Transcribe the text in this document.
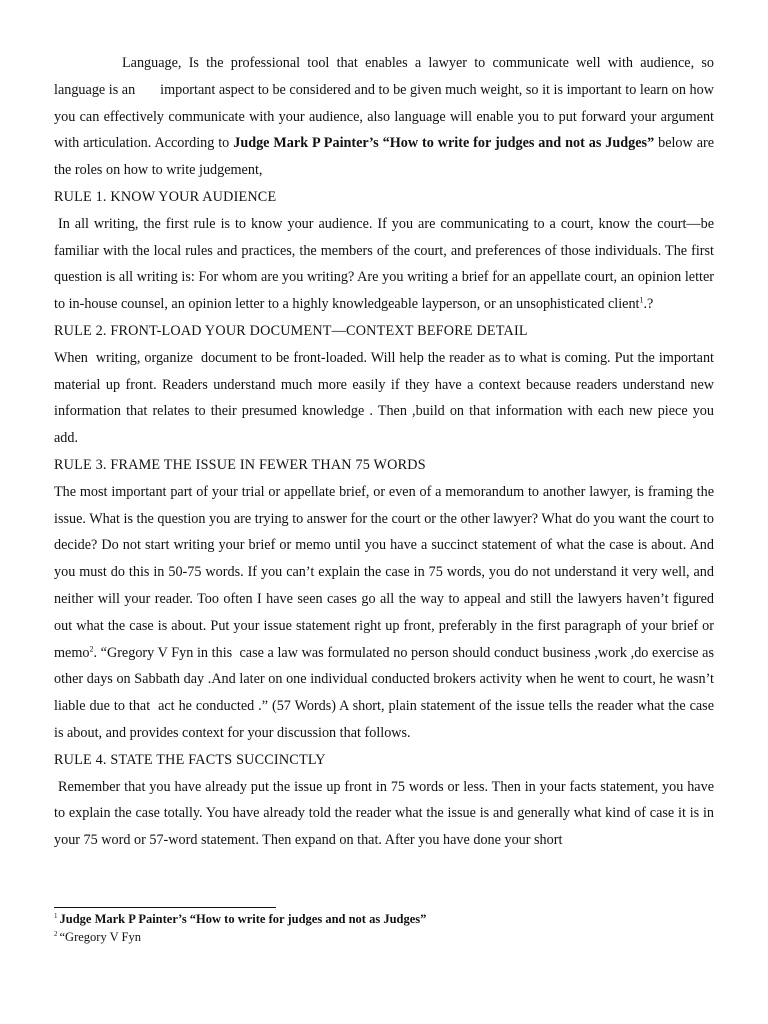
Language, Is the professional tool that enables a lawyer to communicate well with audience, so language is an       important aspect to be considered and to be given much weight, so it is important to learn on how you can effectively communicate with your audience, also language will enable you to put forward your argument with articulation. According to Judge Mark P Painter’s “How to write for judges and not as Judges” below are the roles on how to write judgement,

RULE 1. KNOW YOUR AUDIENCE

In all writing, the first rule is to know your audience. If you are communicating to a court, know the court—be familiar with the local rules and practices, the members of the court, and preferences of those individuals. The first question is all writing is: For whom are you writing? Are you writing a brief for an appellate court, an opinion letter to in-house counsel, an opinion letter to a highly knowledgeable layperson, or an unsophisticated client$^1$.?

RULE 2. FRONT-LOAD YOUR DOCUMENT—CONTEXT BEFORE DETAIL

When  writing, organize  document to be front-loaded. Will help the reader as to what is coming. Put the important material up front. Readers understand much more easily if they have a context because readers understand new information that relates to their presumed knowledge . Then ,build on that information with each new piece you add.

RULE 3. FRAME THE ISSUE IN FEWER THAN 75 WORDS

The most important part of your trial or appellate brief, or even of a memorandum to another lawyer, is framing the issue. What is the question you are trying to answer for the court or the other lawyer? What do you want the court to decide? Do not start writing your brief or memo until you have a succinct statement of what the case is about. And you must do this in 50-75 words. If you can’t explain the case in 75 words, you do not understand it very well, and neither will your reader. Too often I have seen cases go all the way to appeal and still the lawyers haven’t figured out what the case is about. Put your issue statement right up front, preferably in the first paragraph of your brief or memo$^2$. “Gregory V Fyn in this  case a law was formulated no person should conduct business ,work ,do exercise as other days on Sabbath day .And later on one individual conducted brokers activity when he went to court, he wasn’t liable due to that  act he conducted .” (57 Words) A short, plain statement of the issue tells the reader what the case is about, and provides context for your discussion that follows.

RULE 4. STATE THE FACTS SUCCINCTLY

Remember that you have already put the issue up front in 75 words or less. Then in your facts statement, you have to explain the case totally. You have already told the reader what the issue is and generally what kind of case it is in your 75 word or 57-word statement. Then expand on that. After you have done your short

$^1$ Judge Mark P Painter’s “How to write for judges and not as Judges”

$^2$ “Gregory V Fyn
